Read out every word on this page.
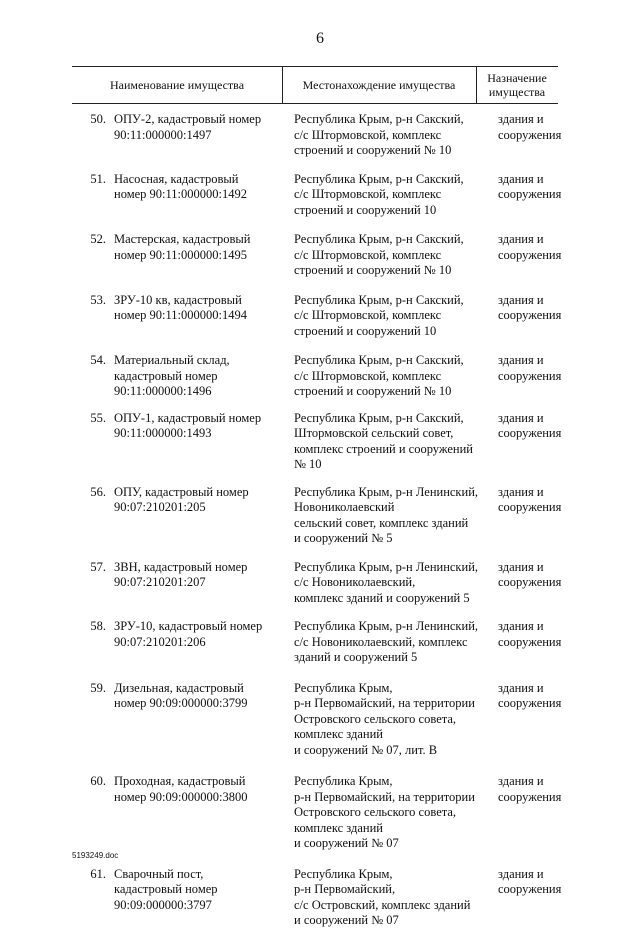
6
Наименование имущества	Местонахождение имущества	Назначение
имущества
50. ОПУ-2, кадастровый номер
90:11:000000:1497
Республика Крым, р-н Сакский,
с/с Штормовской, комплекс
строений и сооружений № 10
здания и
сооружения
51. Насосная, кадастровый
номер 90:11:000000:1492
Республика Крым, р-н Сакский,
с/с Штормовской, комплекс
строений и сооружений 10
здания и
сооружения
52. Мастерская, кадастровый
номер 90:11:000000:1495
Республика Крым, р-н Сакский,
с/с Штормовской, комплекс
строений и сооружений № 10
здания и
сооружения
53. ЗРУ-10 кв, кадастровый
номер 90:11:000000:1494
Республика Крым, р-н Сакский,
с/с Штормовской, комплекс
строений и сооружений 10
здания и
сооружения
54. Материальный склад,
кадастровый номер
90:11:000000:1496
Республика Крым, р-н Сакский,
с/с Штормовской, комплекс
строений и сооружений № 10
здания и
сооружения
55. ОПУ-1, кадастровый номер
90:11:000000:1493
Республика Крым, р-н Сакский,
Штормовской сельский совет,
комплекс строений и сооружений
№ 10
здания и
сооружения
56. ОПУ, кадастровый номер
90:07:210201:205
Республика Крым, р-н Ленинский,
Новониколаевский
сельский совет, комплекс зданий
и сооружений № 5
здания и
сооружения
57. ЗВН, кадастровый номер
90:07:210201:207
Республика Крым, р-н Ленинский,
с/с Новониколаевский,
комплекс зданий и сооружений 5
здания и
сооружения
58. ЗРУ-10, кадастровый номер
90:07:210201:206
Республика Крым, р-н Ленинский,
с/с Новониколаевский, комплекс
зданий и сооружений 5
здания и
сооружения
59. Дизельная, кадастровый
номер 90:09:000000:3799
Республика Крым,
р-н Первомайский, на территории
Островского сельского совета,
комплекс зданий
и сооружений № 07, лит. В
здания и
сооружения
60. Проходная, кадастровый
номер 90:09:000000:3800
Республика Крым,
р-н Первомайский, на территории
Островского сельского совета,
комплекс зданий
и сооружений № 07
здания и
сооружения
61. Сварочный пост,
кадастровый номер
90:09:000000:3797
Республика Крым,
р-н Первомайский,
с/с Островский, комплекс зданий
и сооружений № 07
здания и
сооружения
5193249.doc
